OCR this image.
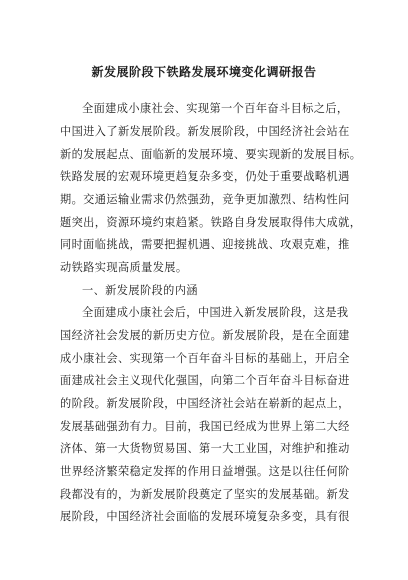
新发展阶段下铁路发展环境变化调研报告
全面建成小康社会、实现第一个百年奋斗目标之后，
中国进入了新发展阶段。新发展阶段，中国经济社会站在
新的发展起点、面临新的发展环境、要实现新的发展目标。
铁路发展的宏观环境更趋复杂多变，仍处于重要战略机遇
期。交通运输业需求仍然强劲，竞争更加激烈、结构性问
题突出，资源环境约束趋紧。铁路自身发展取得伟大成就，
同时面临挑战，需要把握机遇、迎接挑战、攻艰克难，推
动铁路实现高质量发展。
一、新发展阶段的内涵
全面建成小康社会后，中国进入新发展阶段，这是我
国经济社会发展的新历史方位。新发展阶段，是在全面建
成小康社会、实现第一个百年奋斗目标的基础上，开启全
面建成社会主义现代化强国，向第二个百年奋斗目标奋进
的阶段。新发展阶段，中国经济社会站在崭新的起点上，
发展基础强劲有力。目前，我国已经成为世界上第二大经
济体、第一大货物贸易国、第一大工业国，对维护和推动
世界经济繁荣稳定发挥的作用日益增强。这是以往任何阶
段都没有的，为新发展阶段奠定了坚实的发展基础。新发
展阶段，中国经济社会面临的发展环境复杂多变，具有很
